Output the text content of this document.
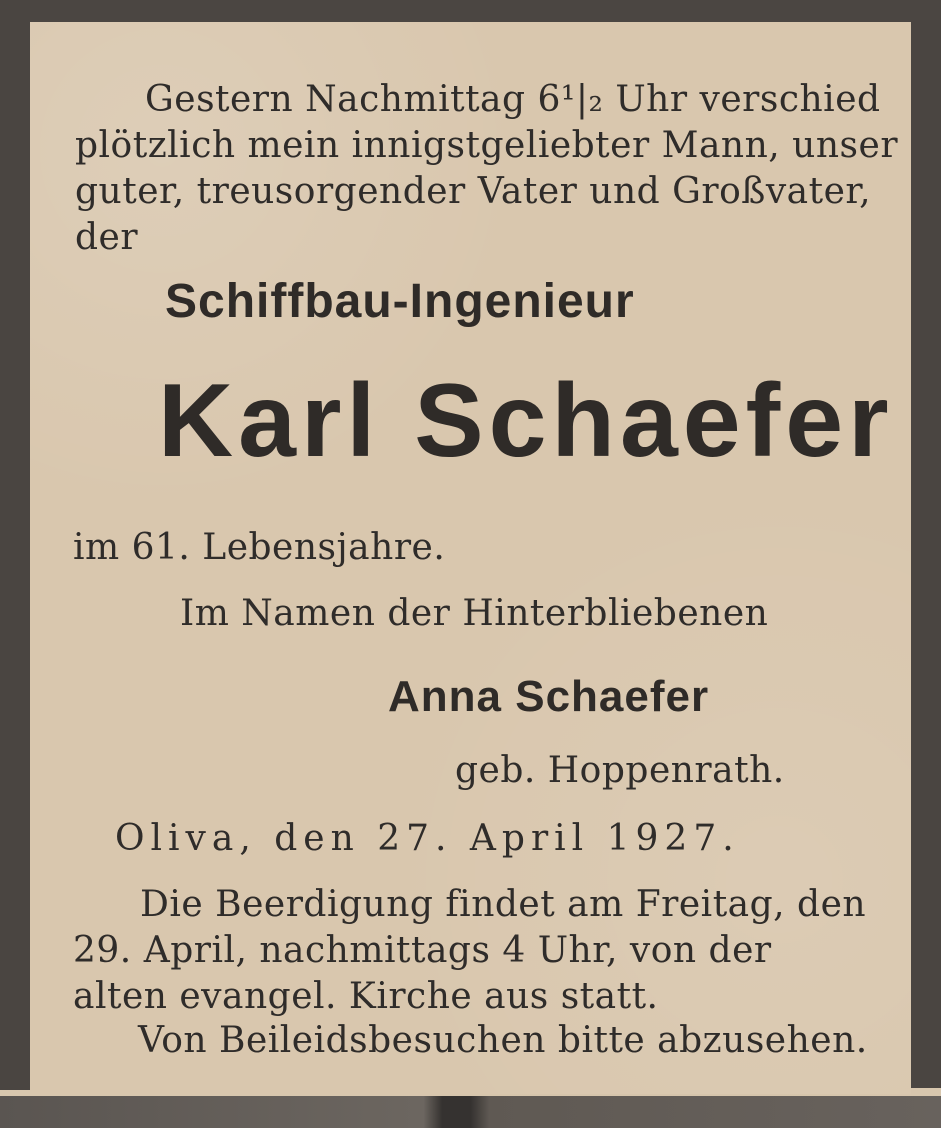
Gestern Nachmittag 6¹|₂ Uhr verschied
plötzlich mein innigstgeliebter Mann, unser
guter, treusorgender Vater und Großvater,
der
Schiffbau-Ingenieur
Karl Schaefer
im 61. Lebensjahre.
Im Namen der Hinterbliebenen
Anna Schaefer
geb. Hoppenrath.
Oliva, den 27. April 1927.
Die Beerdigung findet am Freitag, den
29. April, nachmittags 4 Uhr, von der
alten evangel. Kirche aus statt.
Von Beileidsbesuchen bitte abzusehen.
